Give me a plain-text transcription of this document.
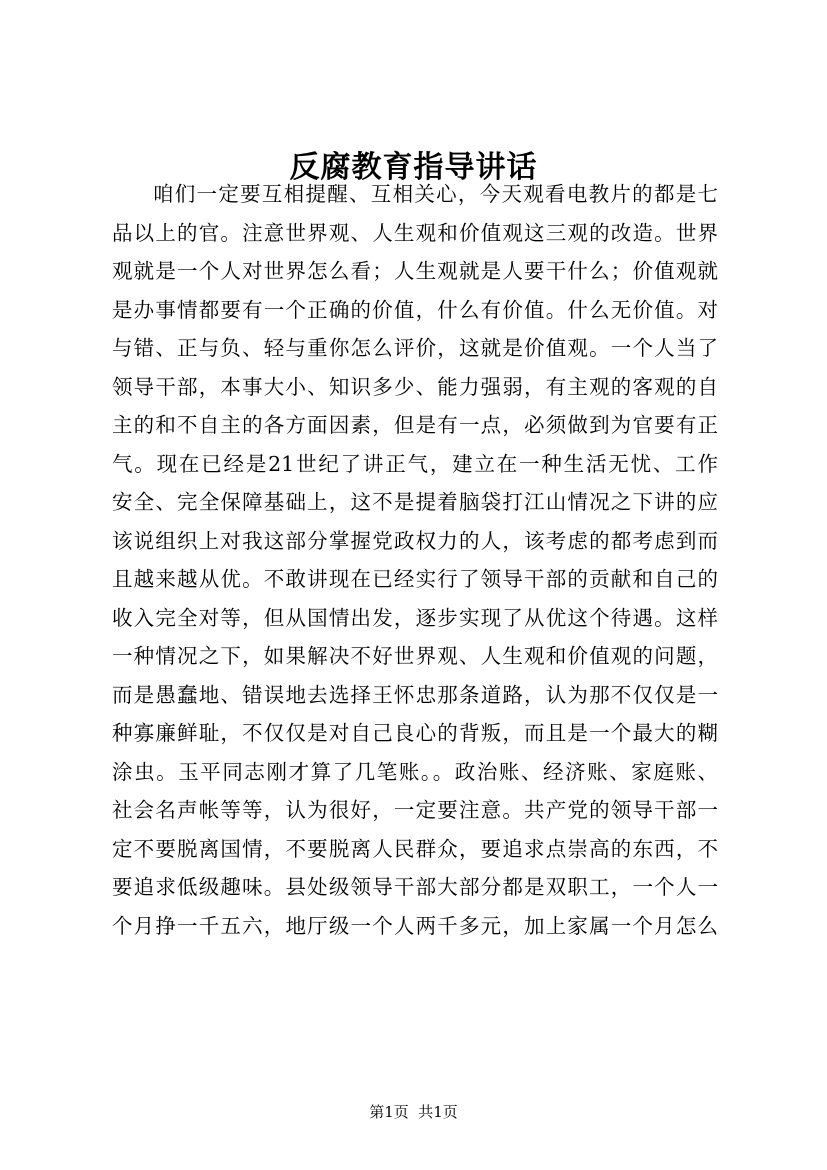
反腐教育指导讲话
咱们一定要互相提醒、互相关心，今天观看电教片的都是七
品以上的官。注意世界观、人生观和价值观这三观的改造。世界
观就是一个人对世界怎么看；人生观就是人要干什么；价值观就
是办事情都要有一个正确的价值，什么有价值。什么无价值。对
与错、正与负、轻与重你怎么评价，这就是价值观。一个人当了
领导干部，本事大小、知识多少、能力强弱，有主观的客观的自
主的和不自主的各方面因素，但是有一点，必须做到为官要有正
气。现在已经是21世纪了讲正气，建立在一种生活无忧、工作
安全、完全保障基础上，这不是提着脑袋打江山情况之下讲的应
该说组织上对我这部分掌握党政权力的人，该考虑的都考虑到而
且越来越从优。不敢讲现在已经实行了领导干部的贡献和自己的
收入完全对等，但从国情出发，逐步实现了从优这个待遇。这样
一种情况之下，如果解决不好世界观、人生观和价值观的问题，
而是愚蠢地、错误地去选择王怀忠那条道路，认为那不仅仅是一
种寡廉鲜耻，不仅仅是对自己良心的背叛，而且是一个最大的糊
涂虫。玉平同志刚才算了几笔账。。政治账、经济账、家庭账、
社会名声帐等等，认为很好，一定要注意。共产党的领导干部一
定不要脱离国情，不要脱离人民群众，要追求点崇高的东西，不
要追求低级趣味。县处级领导干部大部分都是双职工，一个人一
个月挣一千五六，地厅级一个人两千多元，加上家属一个月怎么
第1页  共1页
